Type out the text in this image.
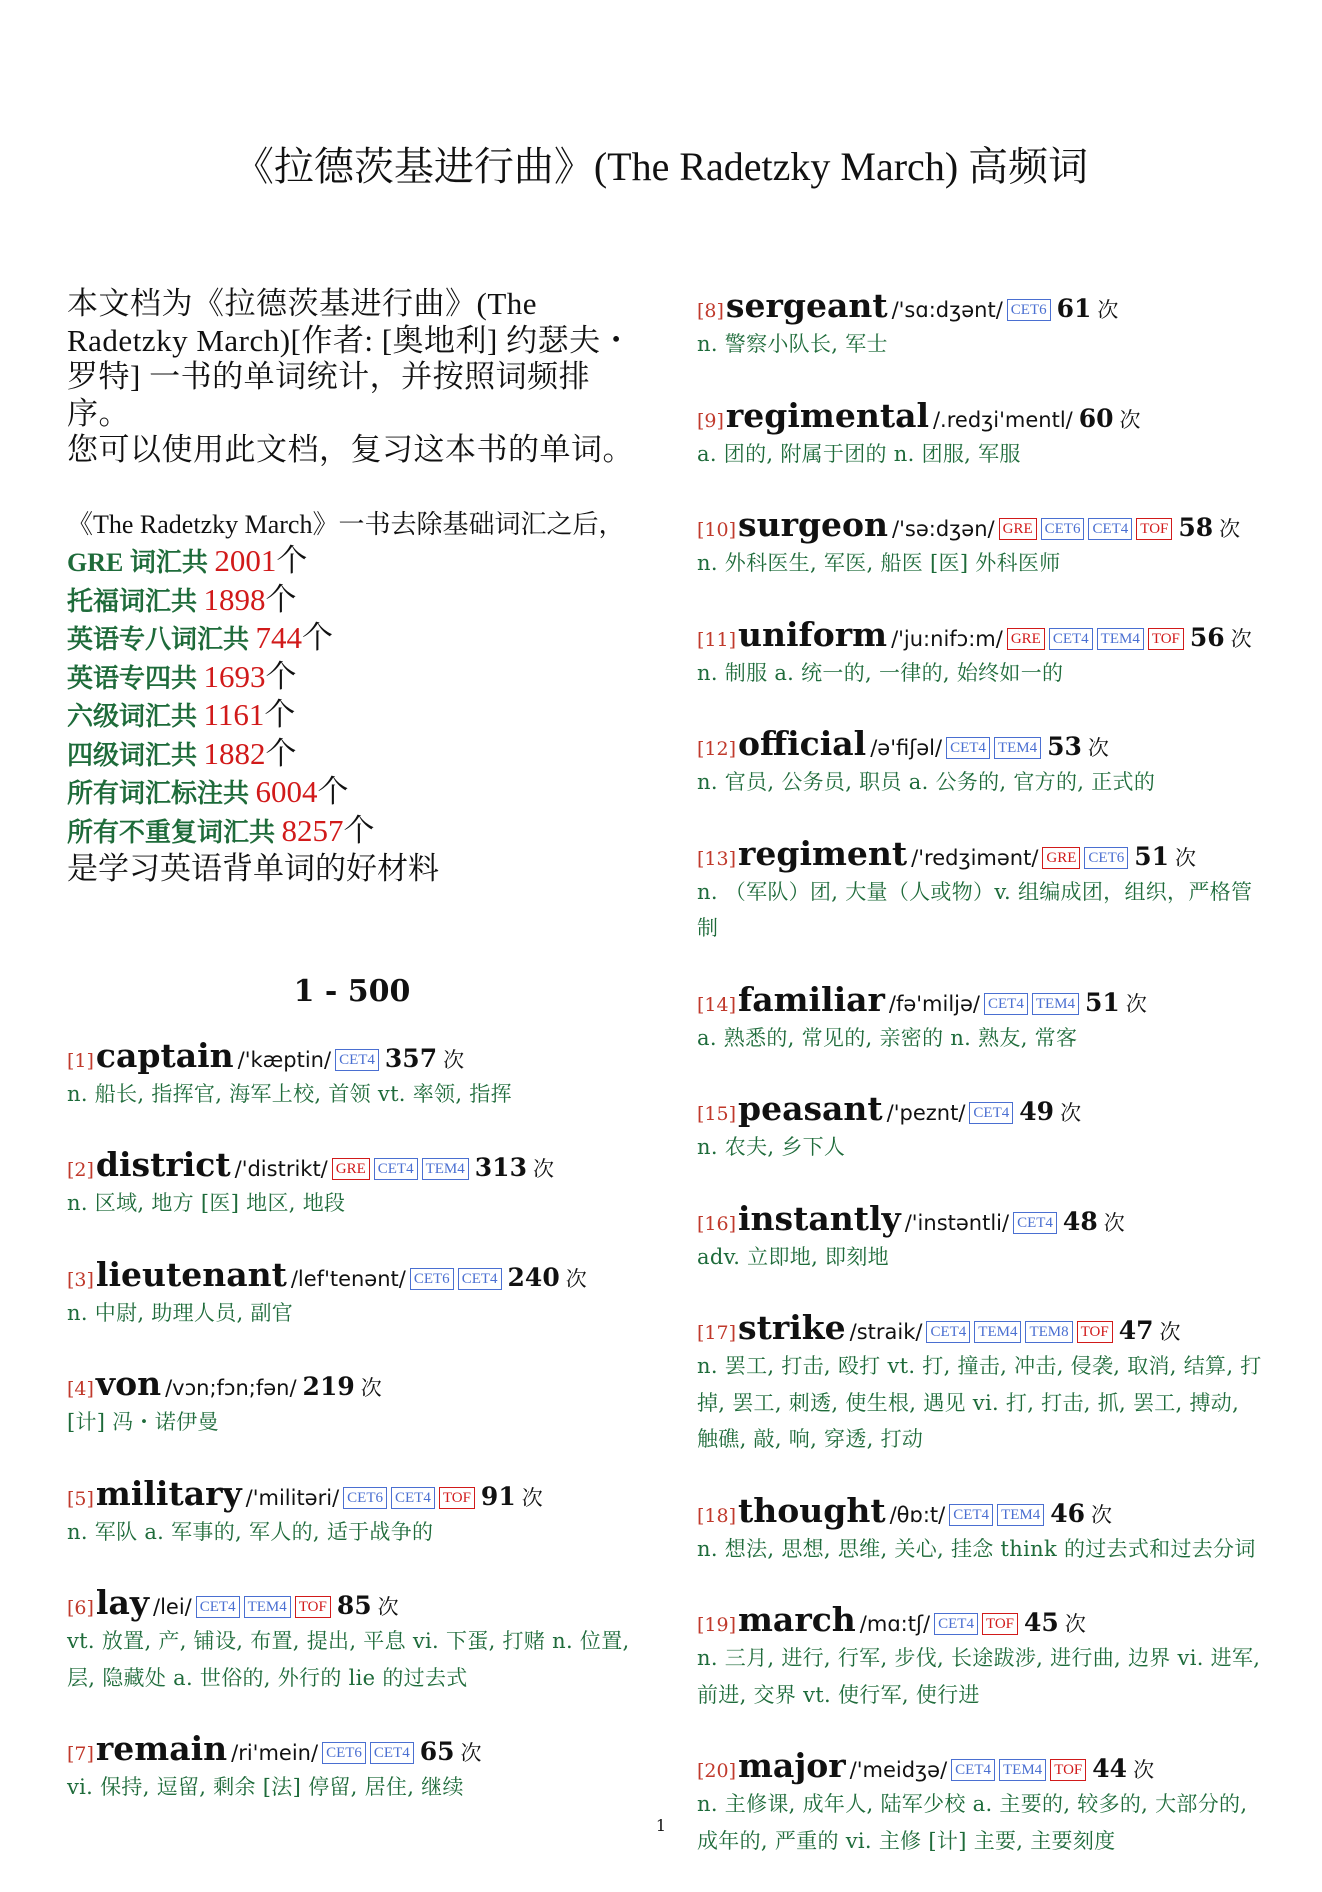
《拉德茨基进行曲》(The Radetzky March) 高频词

本文档为《拉德茨基进行曲》(The Radetzky March)[作者: [奥地利] 约瑟夫・罗特] 一书的单词统计，并按照词频排序。

您可以使用此文档，复习这本书的单词。

《The Radetzky March》一书去除基础词汇之后，
GRE 词汇共 2001个
托福词汇共 1898个
英语专八词汇共 744个
英语专四共 1693个
六级词汇共 1161个
四级词汇共 1882个
所有词汇标注共 6004个
所有不重复词汇共 8257个
是学习英语背单词的好材料
1 - 500
[1]captain /'kæptin/ CET4 357 次
n. 船长, 指挥官, 海军上校, 首领 vt. 率领, 指挥
[2]district /'distrikt/ GRE CET4 TEM4 313 次
n. 区域, 地方 [医] 地区, 地段
[3]lieutenant /lef'tenənt/ CET6 CET4 240 次
n. 中尉, 助理人员, 副官
[4]von /vɔn;fɔn;fən/ 219 次
[计] 冯・诺伊曼
[5]military /'militəri/ CET6 CET4 TOF 91 次
n. 军队 a. 军事的, 军人的, 适于战争的
[6]lay /lei/ CET4 TEM4 TOF 85 次
vt. 放置, 产, 铺设, 布置, 提出, 平息 vi. 下蛋, 打赌 n. 位置, 层, 隐藏处 a. 世俗的, 外行的 lie 的过去式
[7]remain /ri'mein/ CET6 CET4 65 次
vi. 保持, 逗留, 剩余 [法] 停留, 居住, 继续
[8]sergeant /'sɑ:dʒənt/ CET6 61 次
n. 警察小队长, 军士
[9]regimental /.redʒi'mentl/ 60 次
a. 团的, 附属于团的 n. 团服, 军服
[10]surgeon /'sə:dʒən/ GRE CET6 CET4 TOF 58 次
n. 外科医生, 军医, 船医 [医] 外科医师
[11]uniform /'ju:nifɔ:m/ GRE CET4 TEM4 TOF 56 次
n. 制服 a. 统一的, 一律的, 始终如一的
[12]official /ə'fiʃəl/ CET4 TEM4 53 次
n. 官员, 公务员, 职员 a. 公务的, 官方的, 正式的
[13]regiment /'redʒimənt/ GRE CET6 51 次
n. （军队）团, 大量（人或物）v. 组编成团，组织，严格管制
[14]familiar /fə'miljə/ CET4 TEM4 51 次
a. 熟悉的, 常见的, 亲密的 n. 熟友, 常客
[15]peasant /'peznt/ CET4 49 次
n. 农夫, 乡下人
[16]instantly /'instəntli/ CET4 48 次
adv. 立即地, 即刻地
[17]strike /straik/ CET4 TEM4 TEM8 TOF 47 次
n. 罢工, 打击, 殴打 vt. 打, 撞击, 冲击, 侵袭, 取消, 结算, 打掉, 罢工, 刺透, 使生根, 遇见 vi. 打, 打击, 抓, 罢工, 搏动, 触礁, 敲, 响, 穿透, 打动
[18]thought /θɒ:t/ CET4 TEM4 46 次
n. 想法, 思想, 思维, 关心, 挂念 think 的过去式和过去分词
[19]march /mɑ:tʃ/ CET4 TOF 45 次
n. 三月, 进行, 行军, 步伐, 长途跋涉, 进行曲, 边界 vi. 进军, 前进, 交界 vt. 使行军, 使行进
[20]major /'meidʒə/ CET4 TEM4 TOF 44 次
n. 主修课, 成年人, 陆军少校 a. 主要的, 较多的, 大部分的, 成年的, 严重的 vi. 主修 [计] 主要, 主要刻度
1
